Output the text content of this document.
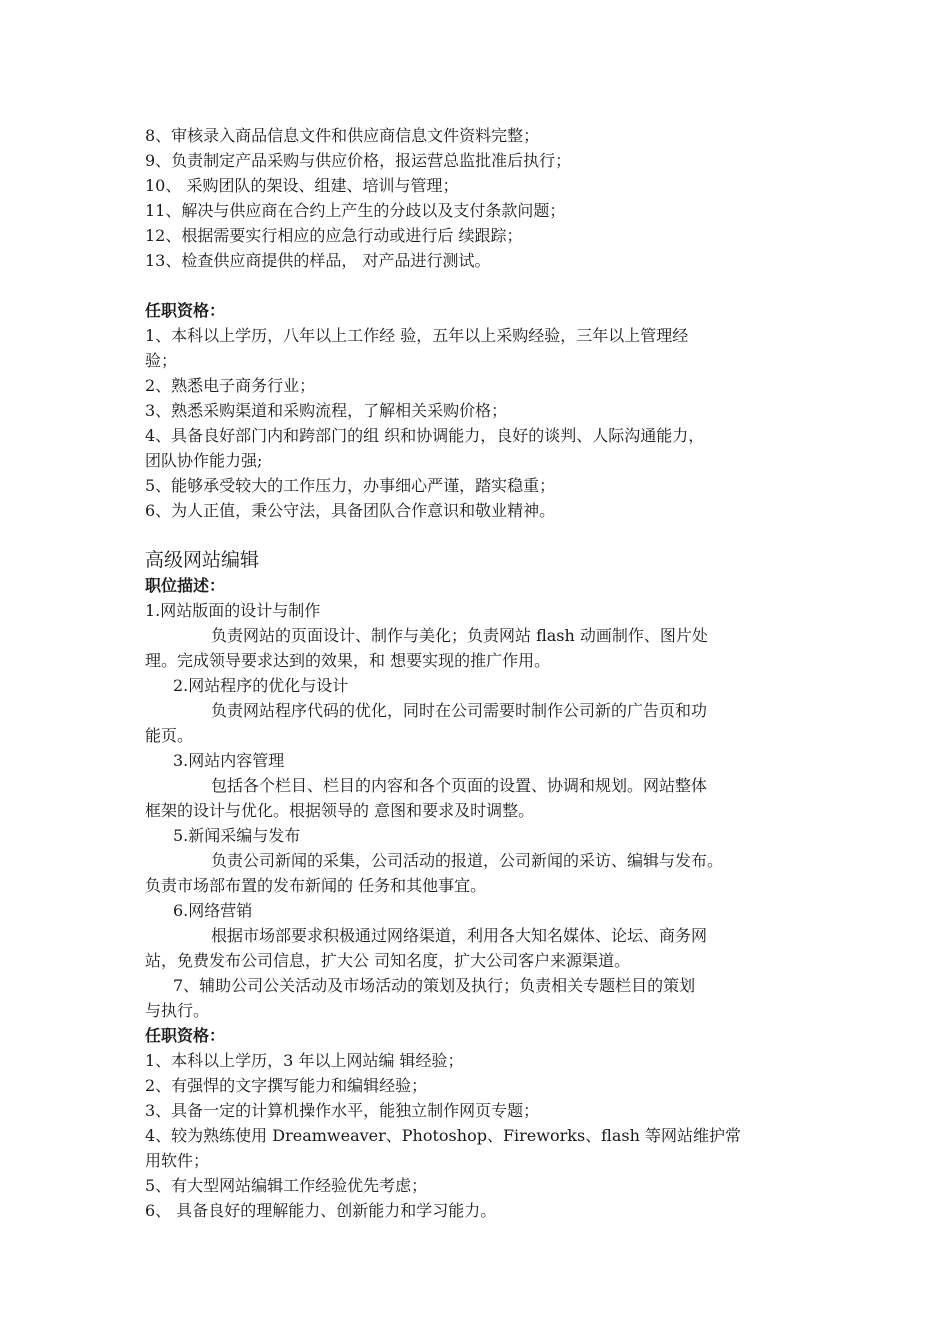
8、审核录入商品信息文件和供应商信息文件资料完整；

9、负责制定产品采购与供应价格，报运营总监批准后执行；

10、 采购团队的架设、组建、培训与管理；

11、解决与供应商在合约上产生的分歧以及支付条款问题；

12、根据需要实行相应的应急行动或进行后 续跟踪；

13、检查供应商提供的样品， 对产品进行测试。

任职资格：

1、本科以上学历，八年以上工作经 验，五年以上采购经验，三年以上管理经

验；

2、熟悉电子商务行业；

3、熟悉采购渠道和采购流程，了解相关采购价格；

4、具备良好部门内和跨部门的组 织和协调能力，良好的谈判、人际沟通能力，

团队协作能力强;

5、能够承受较大的工作压力，办事细心严谨，踏实稳重；

6、为人正值，秉公守法，具备团队合作意识和敬业精神。

高级网站编辑

职位描述：

1.网站版面的设计与制作

负责网站的页面设计、制作与美化；负责网站 flash 动画制作、图片处

理。完成领导要求达到的效果，和 想要实现的推广作用。

2.网站程序的优化与设计

负责网站程序代码的优化，同时在公司需要时制作公司新的广告页和功

能页。

3.网站内容管理

包括各个栏目、栏目的内容和各个页面的设置、协调和规划。网站整体

框架的设计与优化。根据领导的 意图和要求及时调整。

5.新闻采编与发布

负责公司新闻的采集，公司活动的报道，公司新闻的采访、编辑与发布。

负责市场部布置的发布新闻的 任务和其他事宜。

6.网络营销

根据市场部要求积极通过网络渠道，利用各大知名媒体、论坛、商务网

站，免费发布公司信息，扩大公 司知名度，扩大公司客户来源渠道。

7、辅助公司公关活动及市场活动的策划及执行；负责相关专题栏目的策划

与执行。

任职资格：

1、本科以上学历，3 年以上网站编 辑经验；

2、有强悍的文字撰写能力和编辑经验；

3、具备一定的计算机操作水平，能独立制作网页专题；

4、较为熟练使用 Dreamweaver、Photoshop、Fireworks、flash 等网站维护常

用软件；

5、有大型网站编辑工作经验优先考虑；

6、 具备良好的理解能力、创新能力和学习能力。
